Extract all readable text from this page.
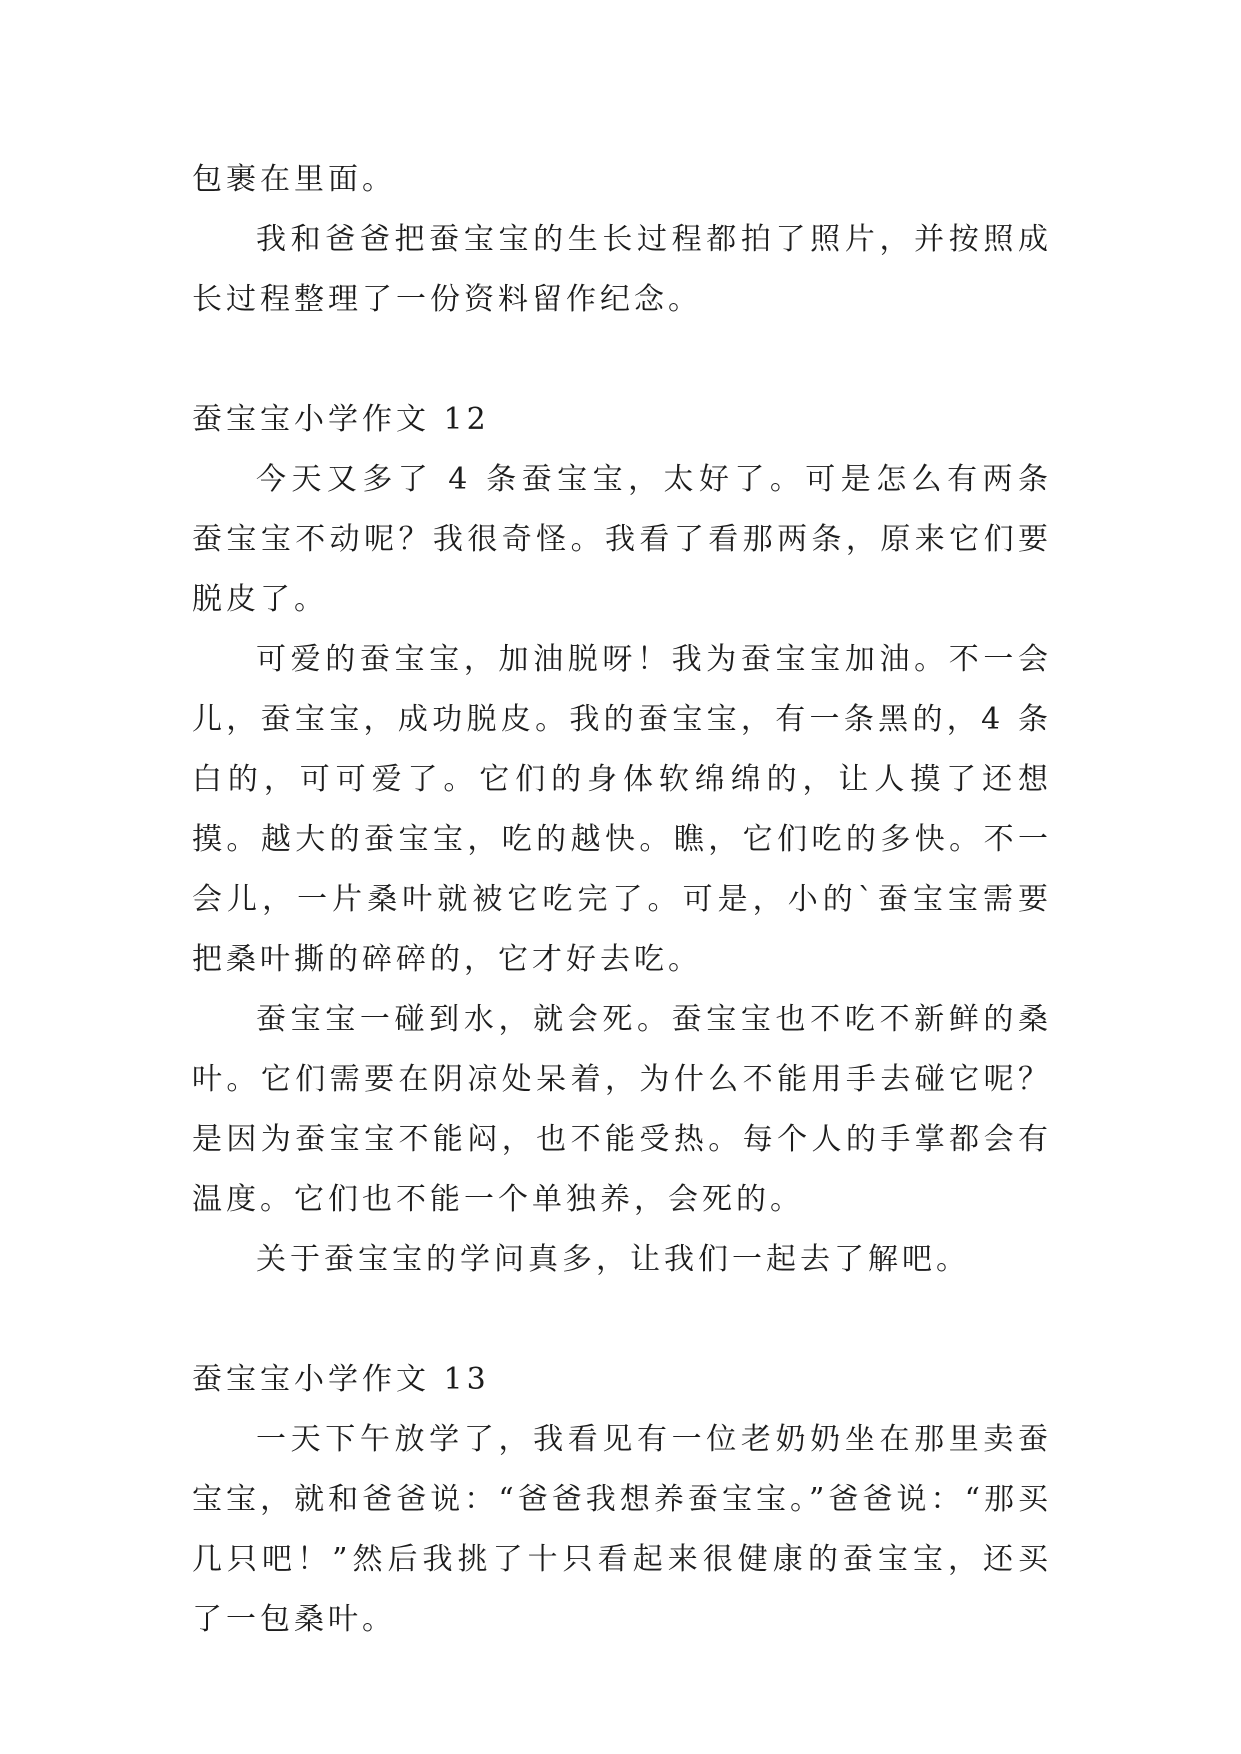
包裹在里面。

我和爸爸把蚕宝宝的生长过程都拍了照片，并按照成长过程整理了一份资料留作纪念。

蚕宝宝小学作文 12

今天又多了 4 条蚕宝宝，太好了。可是怎么有两条蚕宝宝不动呢？我很奇怪。我看了看那两条，原来它们要脱皮了。

可爱的蚕宝宝，加油脱呀！我为蚕宝宝加油。不一会儿，蚕宝宝，成功脱皮。我的蚕宝宝，有一条黑的，4 条白的，可可爱了。它们的身体软绵绵的，让人摸了还想摸。越大的蚕宝宝，吃的越快。瞧，它们吃的多快。不一会儿，一片桑叶就被它吃完了。可是，小的`蚕宝宝需要把桑叶撕的碎碎的，它才好去吃。

蚕宝宝一碰到水，就会死。蚕宝宝也不吃不新鲜的桑叶。它们需要在阴凉处呆着，为什么不能用手去碰它呢？是因为蚕宝宝不能闷，也不能受热。每个人的手掌都会有温度。它们也不能一个单独养，会死的。

关于蚕宝宝的学问真多，让我们一起去了解吧。

蚕宝宝小学作文 13

一天下午放学了，我看见有一位老奶奶坐在那里卖蚕宝宝，就和爸爸说：“爸爸我想养蚕宝宝。”爸爸说：“那买几只吧！”然后我挑了十只看起来很健康的蚕宝宝，还买了一包桑叶。
